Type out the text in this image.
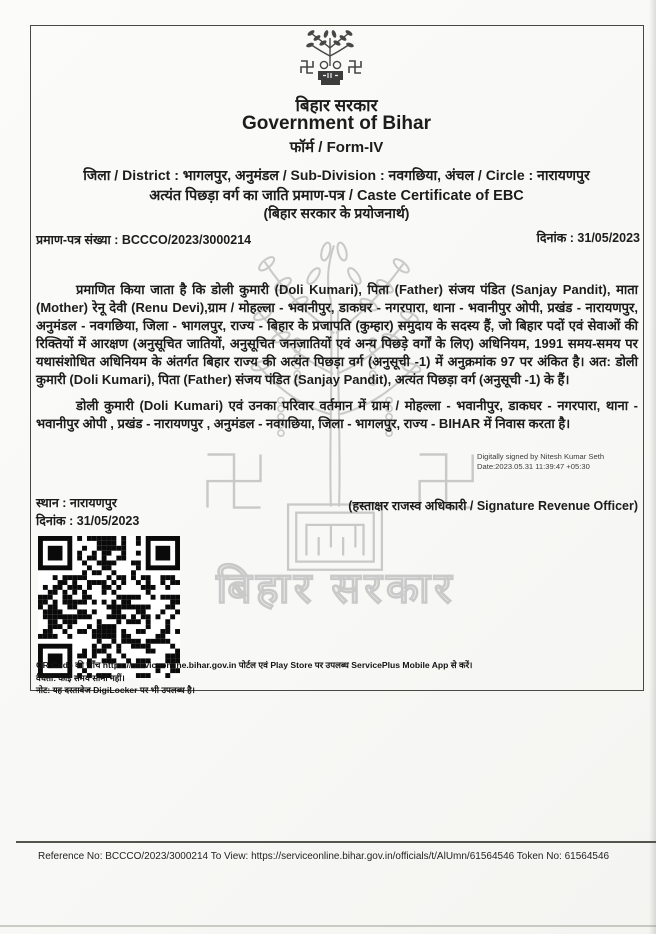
बिहार सरकार
बिहार सरकार
Government of Bihar
फॉर्म / Form-IV
जिला / District : भागलपुर, अनुमंडल / Sub-Division : नवगछिया, अंचल / Circle : नारायणपुर
अत्यंत पिछड़ा वर्ग का जाति प्रमाण-पत्र / Caste Certificate of EBC
(बिहार सरकार के प्रयोजनार्थ)
प्रमाण-पत्र संख्या : BCCCO/2023/3000214	दिनांक : 31/05/2023
प्रमाणित किया जाता है कि डोली कुमारी (Doli Kumari), पिता (Father) संजय पंडित (Sanjay Pandit), माता (Mother) रेनू देवी (Renu Devi),ग्राम / मोहल्ला - भवानीपुर, डाकघर - नगरपारा, थाना - भवानीपुर ओपी, प्रखंड - नारायणपुर, अनुमंडल - नवगछिया, जिला - भागलपुर, राज्य - बिहार के प्रजापति (कुम्हार) समुदाय के सदस्य हैं, जो बिहार पदों एवं सेवाओं की रिक्तियों में आरक्षण (अनुसूचित जातियों, अनुसूचित जनजातियों एवं अन्य पिछड़े वर्गों के लिए) अधिनियम, 1991 समय-समय पर यथासंशोधित अधिनियम के अंतर्गत बिहार राज्य की अत्यंत पिछड़ा वर्ग (अनुसूची -1) में अनुक्रमांक 97 पर अंकित है। अत: डोली कुमारी (Doli Kumari), पिता (Father) संजय पंडित (Sanjay Pandit), अत्यंत पिछड़ा वर्ग (अनुसूची -1) के हैं।
डोली कुमारी (Doli Kumari) एवं उनका परिवार वर्तमान में ग्राम / मोहल्ला - भवानीपुर, डाकघर - नगरपारा, थाना - भवानीपुर ओपी , प्रखंड - नारायणपुर , अनुमंडल - नवगछिया, जिला - भागलपुर, राज्य - BIHAR में निवास करता है।
Digitally signed by Nitesh Kumar Seth
Date:2023.05.31 11:39:47 +05:30
स्थान : नारायणपुर
दिनांक : 31/05/2023
(हस्ताक्षर राजस्व अधिकारी / Signature Revenue Officer)
QR Code की जाँच https://serviceonline.bihar.gov.in पोर्टल एवं Play Store पर उपलब्ध ServicePlus Mobile App से करें।
वैधता: कोई समय सीमा नहीं।
नोट: यह दस्तावेज DigiLocker पर भी उपलब्ध है।
Reference No: BCCCO/2023/3000214 To View: https://serviceonline.bihar.gov.in/officials/t/AlUmn/61564546 Token No: 61564546
